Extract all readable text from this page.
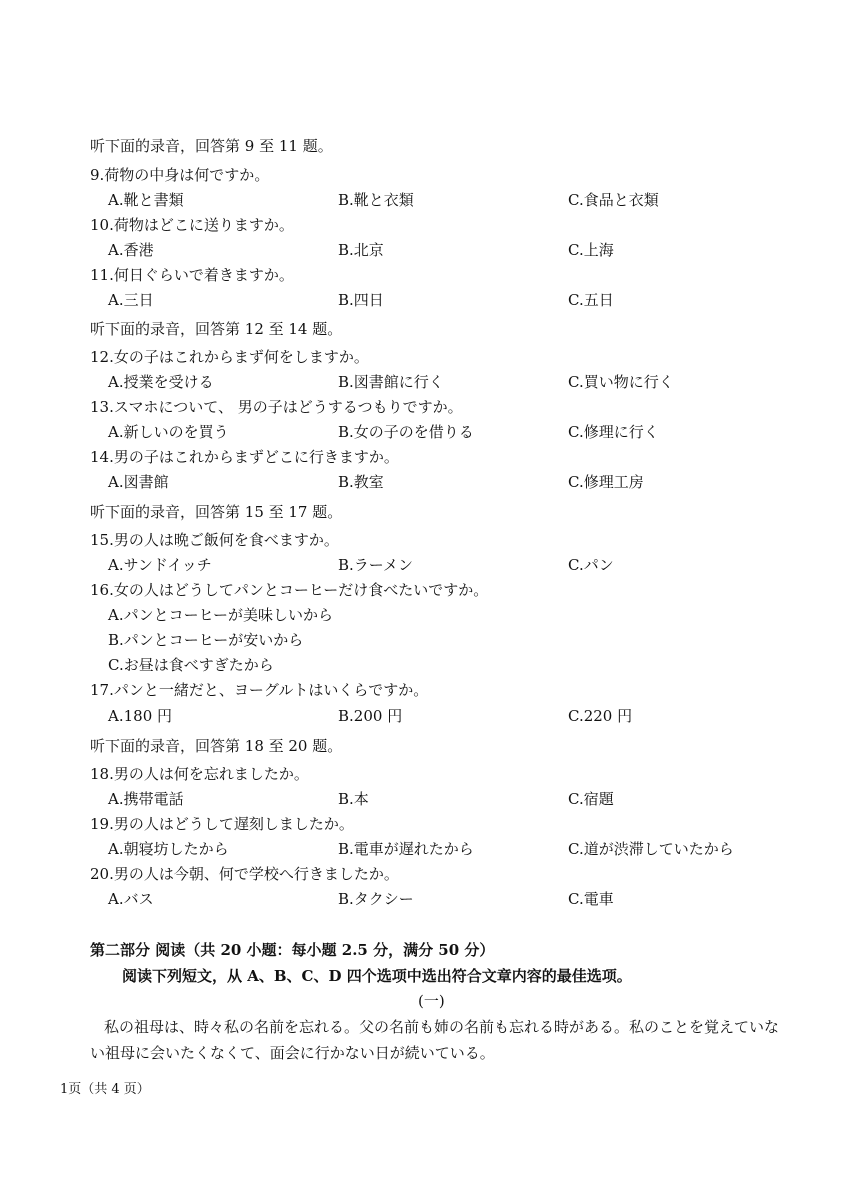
听下面的录音，回答第 9 至 11 题。
9.荷物の中身は何ですか。
A.靴と書類	B.靴と衣類	C.食品と衣類
10.荷物はどこに送りますか。
A.香港	B.北京	C.上海
11.何日ぐらいで着きますか。
A.三日	B.四日	C.五日
听下面的录音，回答第 12 至 14 题。
12.女の子はこれからまず何をしますか。
A.授業を受ける	B.図書館に行く	C.買い物に行く
13.スマホについて、 男の子はどうするつもりですか。
A.新しいのを買う	B.女の子のを借りる	C.修理に行く
14.男の子はこれからまずどこに行きますか。
A.図書館	B.教室	C.修理工房
听下面的录音，回答第 15 至 17 题。
15.男の人は晩ご飯何を食べますか。
A.サンドイッチ	B.ラーメン	C.パン
16.女の人はどうしてパンとコーヒーだけ食べたいですか。
A.パンとコーヒーが美味しいから
B.パンとコーヒーが安いから
C.お昼は食べすぎたから
17.パンと一緒だと、ヨーグルトはいくらですか。
A.180 円	B.200 円	C.220 円
听下面的录音，回答第 18 至 20 题。
18.男の人は何を忘れましたか。
A.携帯電話	B.本	C.宿題
19.男の人はどうして遅刻しましたか。
A.朝寝坊したから	B.電車が遅れたから	C.道が渋滞していたから
20.男の人は今朝、何で学校へ行きましたか。
A.バス	B.タクシー	C.電車
第二部分 阅读（共 20 小题：每小题 2.5 分，满分 50 分）
阅读下列短文，从 A、B、C、D 四个选项中选出符合文章内容的最佳选项。
(一)
私の祖母は、時々私の名前を忘れる。父の名前も姉の名前も忘れる時がある。私のことを覚えていない祖母に会いたくなくて、面会に行かない日が続いている。
1页（共 4 页）
